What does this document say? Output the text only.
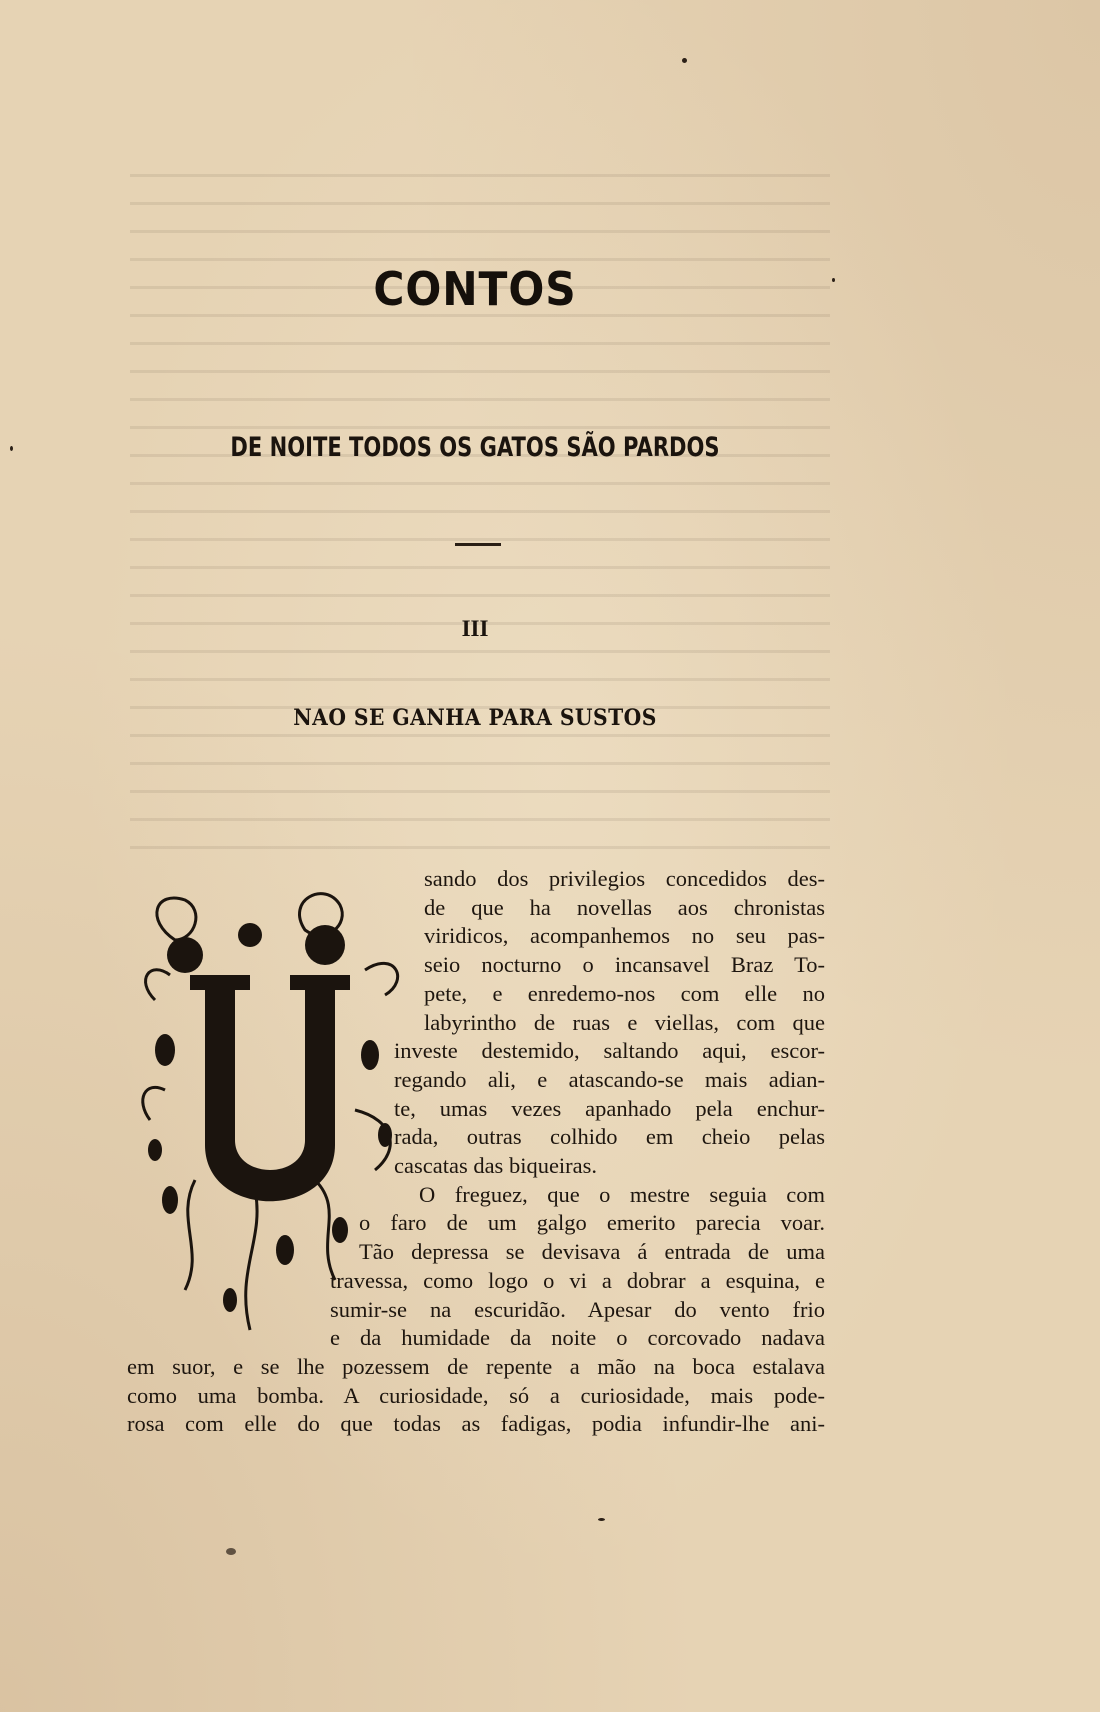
CONTOS
DE NOITE TODOS OS GATOS SÃO PARDOS
III
NAO SE GANHA PARA SUSTOS
sando dos privilegios concedidos des-
de que ha novellas aos chronistas
viridicos, acompanhemos no seu pas-
seio nocturno o incansavel Braz To-
pete, e enredemo-nos com elle no
labyrintho de ruas e viellas, com que
investe destemido, saltando aqui, escor-
regando ali, e atascando-se mais adian-
te, umas vezes apanhado pela enchur-
rada, outras colhido em cheio pelas
cascatas das biqueiras.
O freguez, que o mestre seguia com
o faro de um galgo emerito parecia voar.
Tão depressa se devisava á entrada de uma
travessa, como logo o vi a dobrar a esquina, e
sumir-se na escuridão. Apesar do vento frio
e da humidade da noite o corcovado nadava
em suor, e se lhe pozessem de repente a mão na boca estalava
como uma bomba. A curiosidade, só a curiosidade, mais pode-
rosa com elle do que todas as fadigas, podia infundir-lhe ani-
